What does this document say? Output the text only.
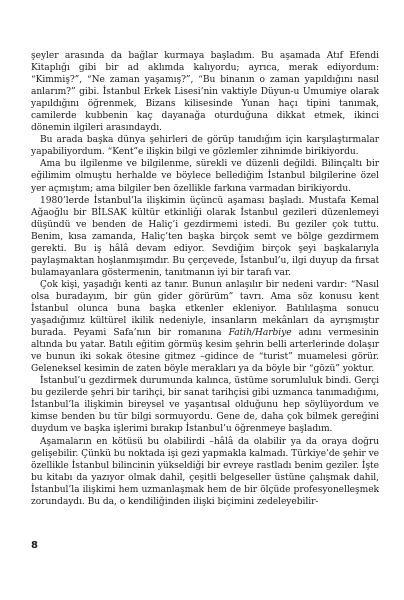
şeyler arasında da bağlar kurmaya başladım. Bu aşamada Atıf Efendi Kitaplığı gibi bir ad aklımda kalıyordu; ayrıca, merak ediyordum: “Kimmiş?”, “Ne zaman yaşamış?”, “Bu binanın o zaman yapıldığını nasıl anlarım?” gibi. İstanbul Erkek Lisesi’nin vaktiyle Düyun-u Umumiye olarak yapıldığını öğrenmek, Bizans kilisesinde Yunan haçı tipini tanımak, camilerde kubbenin kaç dayanağa oturduğuna dikkat etmek, ikinci dönemin ilgileri arasındaydı.

Bu arada başka dünya şehirleri de görüp tanıdığım için karşılaştırmalar yapabiliyordum. “Kent”e ilişkin bilgi ve gözlemler zihnimde birikiyordu.

Ama bu ilgilenme ve bilgilenme, sürekli ve düzenli değildi. Bilinçaltı bir eğilimim olmuştu herhalde ve böylece bellediğim İstanbul bilgilerine özel yer açmıştım; ama bilgiler ben özellikle farkına varmadan birikiyordu.

1980’lerde İstanbul’la ilişkimin üçüncü aşaması başladı. Mustafa Kemal Ağaoğlu bir BİLSAK kültür etkinliği olarak İstanbul gezileri düzenlemeyi düşündü ve benden de Haliç’i gezdirmemi istedi. Bu geziler çok tuttu. Benim, kısa zamanda, Haliç’ten başka birçok semt ve bölge gezdirmem gerekti. Bu iş hâlâ devam ediyor. Sevdiğim birçok şeyi başkalarıyla paylaşmaktan hoşlanmışımdır. Bu çerçevede, İstanbul’u, ilgi duyup da fırsat bulamayanlara göstermenin, tanıtmanın iyi bir tarafı var.

Çok kişi, yaşadığı kenti az tanır. Bunun anlaşılır bir nedeni vardır: “Nasıl olsa buradayım, bir gün gider görürüm” tavrı. Ama söz konusu kent İstanbul olunca buna başka etkenler ekleniyor. Batılılaşma sonucu yaşadığımız kültürel ikilik nedeniyle, insanların mekânları da ayrışmıştır burada. Peyami Safa’nın bir romanına Fatih/Harbiye adını vermesinin altında bu yatar. Batılı eğitim görmüş kesim şehrin belli arterlerinde dolaşır ve bunun iki sokak ötesine gitmez –gidince de “turist” muamelesi görür. Geleneksel kesimin de zaten böyle merakları ya da böyle bir “gözü” yoktur.

İstanbul’u gezdirmek durumunda kalınca, üstüme sorumluluk bindi. Gerçi bu gezilerde şehri bir tarihçi, bir sanat tarihçisi gibi uzmanca tanımadığımı, İstanbul’la ilişkimin bireysel ve yaşantısal olduğunu hep söylüyordum ve kimse benden bu tür bilgi sormuyordu. Gene de, daha çok bilmek gereğini duydum ve başka işlerimi bırakıp İstanbul’u öğrenmeye başladım.

Aşamaların en kötüsü bu olabilirdi –hâlâ da olabilir ya da oraya doğru gelişebilir. Çünkü bu noktada işi gezi yapmakla kalmadı. Türkiye’de şehir ve özellikle İstanbul bilincinin yükseldiği bir evreye rastladı benim geziler. İşte bu kitabı da yazıyor olmak dahil, çeşitli belgeseller üstüne çalışmak dahil, İstanbul’la ilişkimi hem uzmanlaşmak hem de bir ölçüde profesyonelleşmek zorundaydı. Bu da, o kendiliğinden ilişki biçimini zedeleyebilir-

8
